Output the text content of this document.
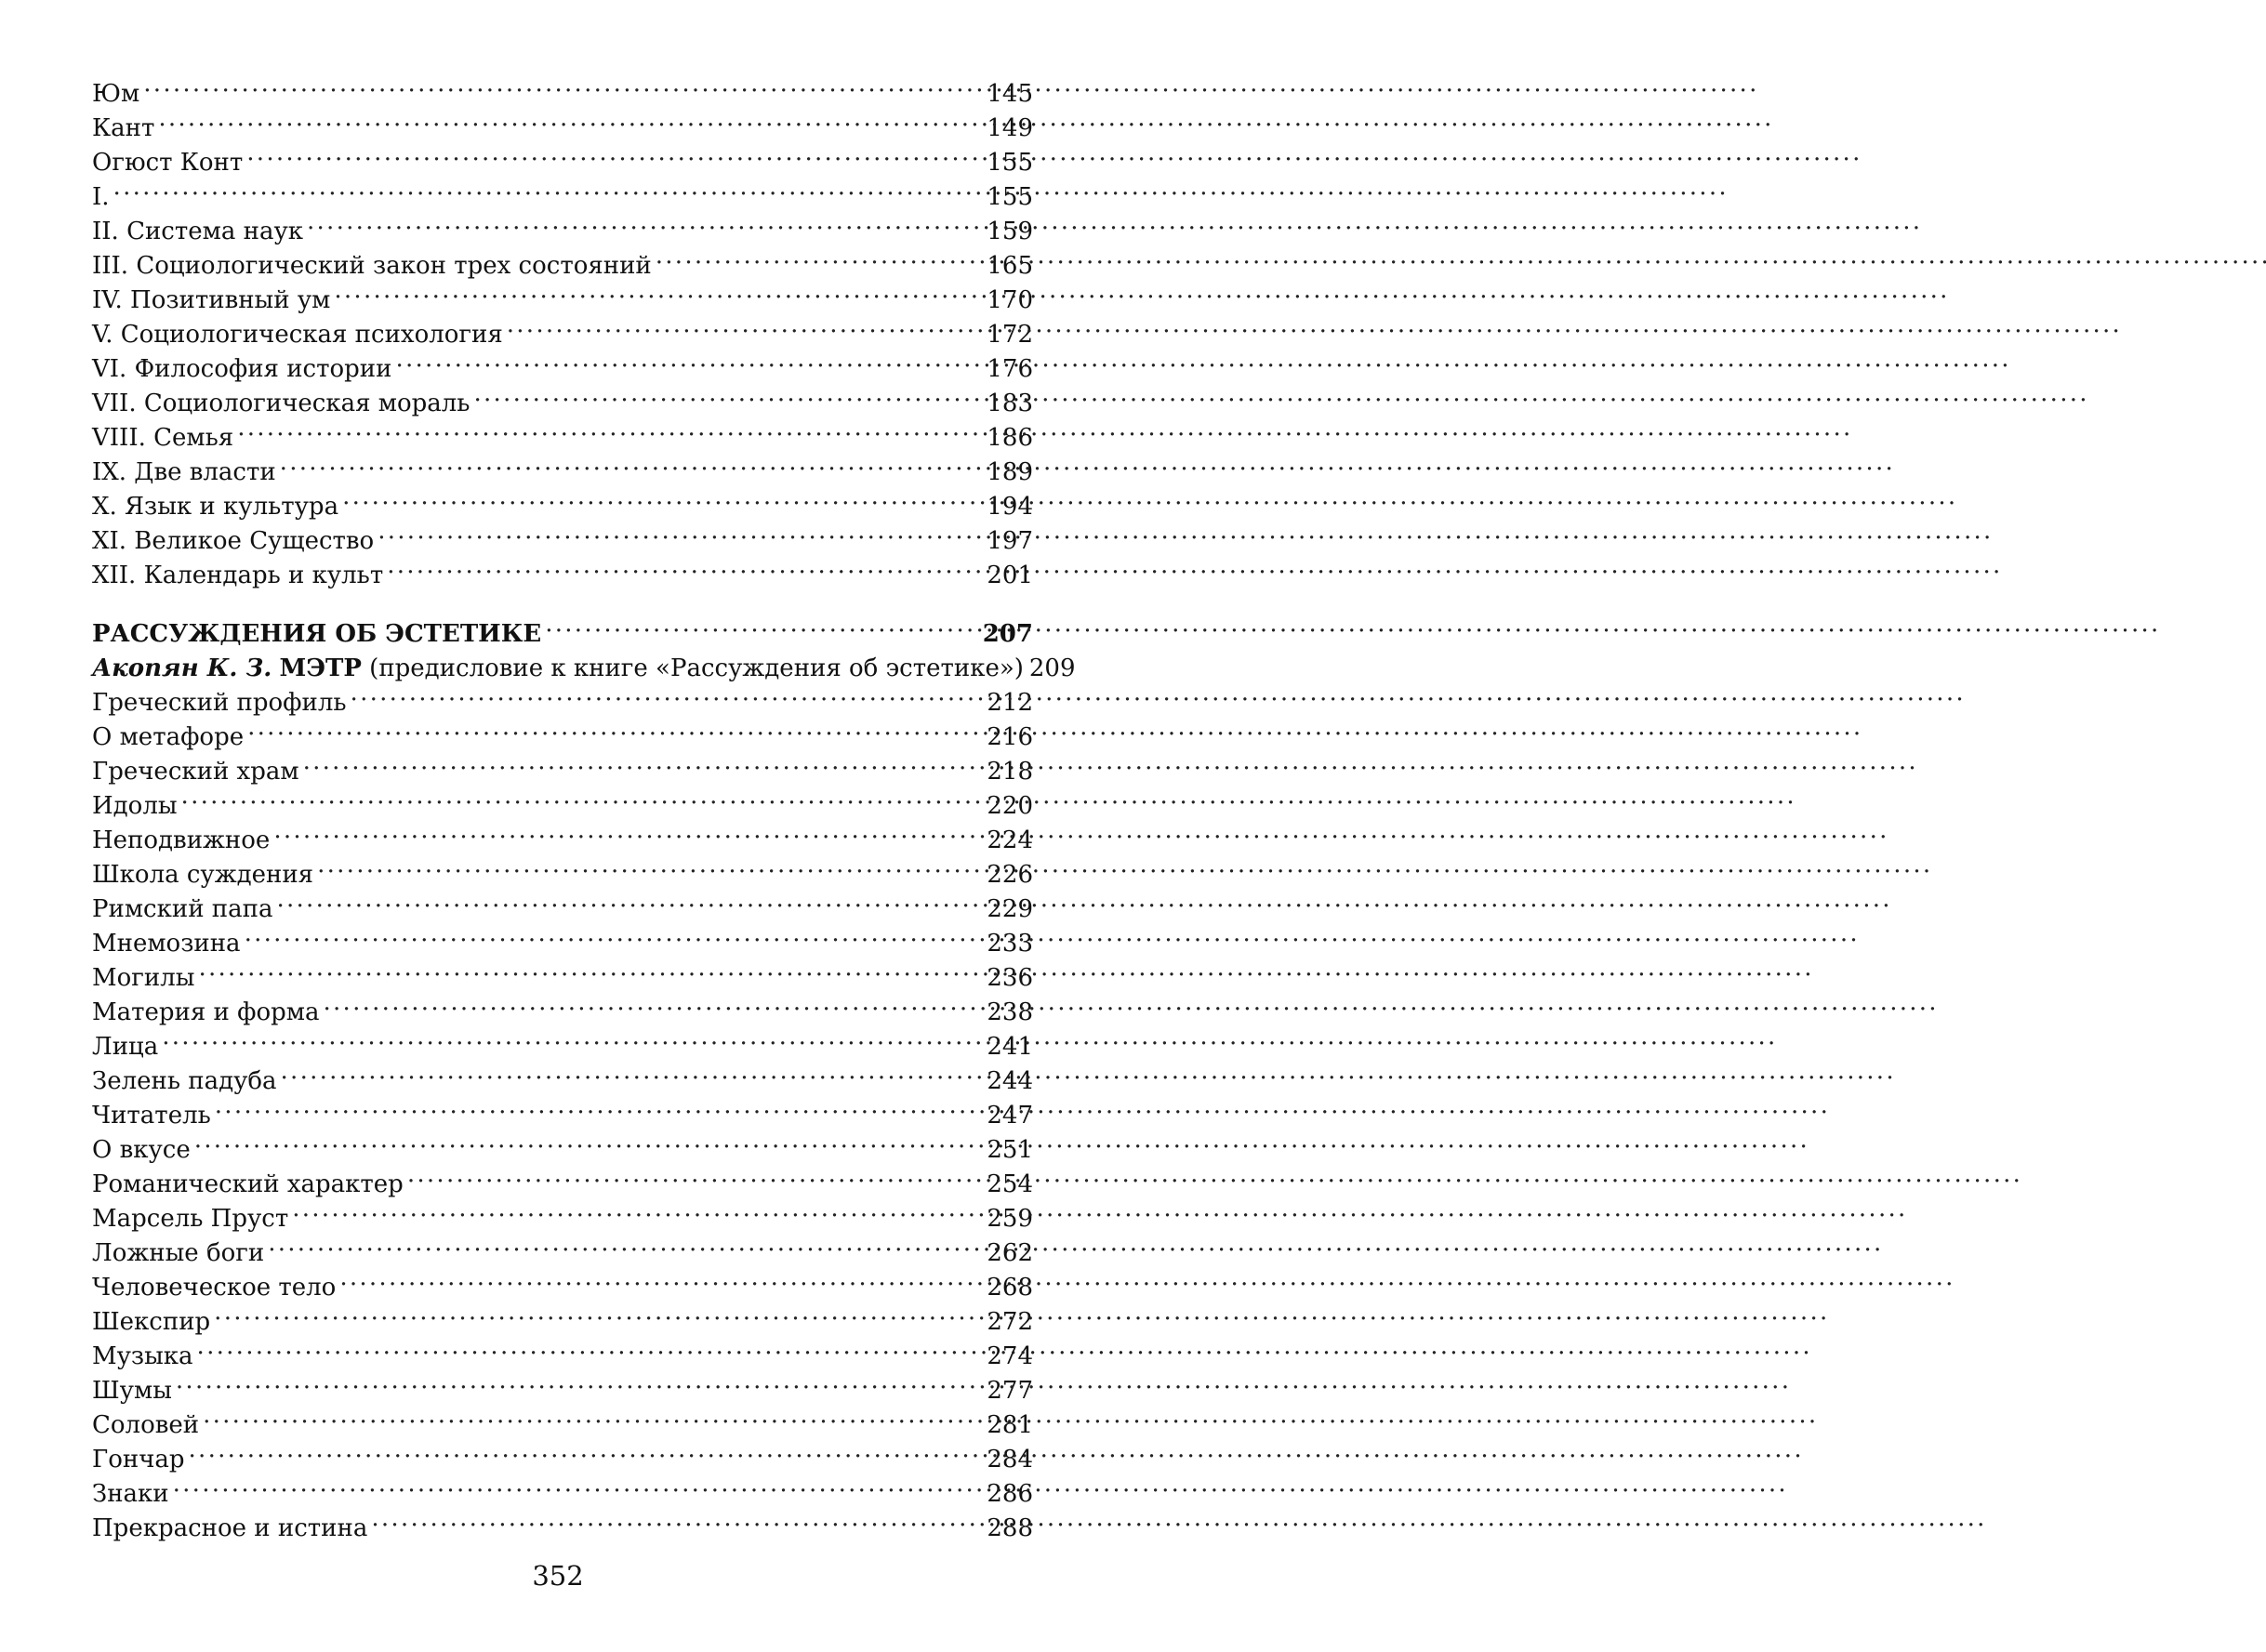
Юм . . .	145
Кант . . .	149
Огюст Конт . . .	155
I. . . .	155
II. Система наук . . .	159
III. Социологический закон трех состояний . . .	165
IV. Позитивный ум . . .	170
V. Социологическая психология . . .	172
VI. Философия истории . . .	176
VII. Социологическая мораль . . .	183
VIII. Семья . . .	186
IX. Две власти . . .	189
X. Язык и культура . . .	194
XI. Великое Существо . . .	197
XII. Календарь и культ . . .	201
РАССУЖДЕНИЯ ОБ ЭСТЕТИКЕ . . .	207
Акопян К. З. МЭТР (предисловие к книге «Рассуждения об эстетике») 209
Греческий профиль . . .	212
О метафоре . . .	216
Греческий храм . . .	218
Идолы . . .	220
Неподвижное . . .	224
Школа суждения . . .	226
Римский папа . . .	229
Мнемозина . . .	233
Могилы . . .	236
Материя и форма . . .	238
Лица . . .	241
Зелень падуба . . .	244
Читатель . . .	247
О вкусе . . .	251
Романический характер . . .	254
Марсель Пруст . . .	259
Ложные боги . . .	262
Человеческое тело . . .	268
Шекспир . . .	272
Музыка . . .	274
Шумы . . .	277
Соловей . . .	281
Гончар . . .	284
Знаки . . .	286
Прекрасное и истина . . .	288
352
